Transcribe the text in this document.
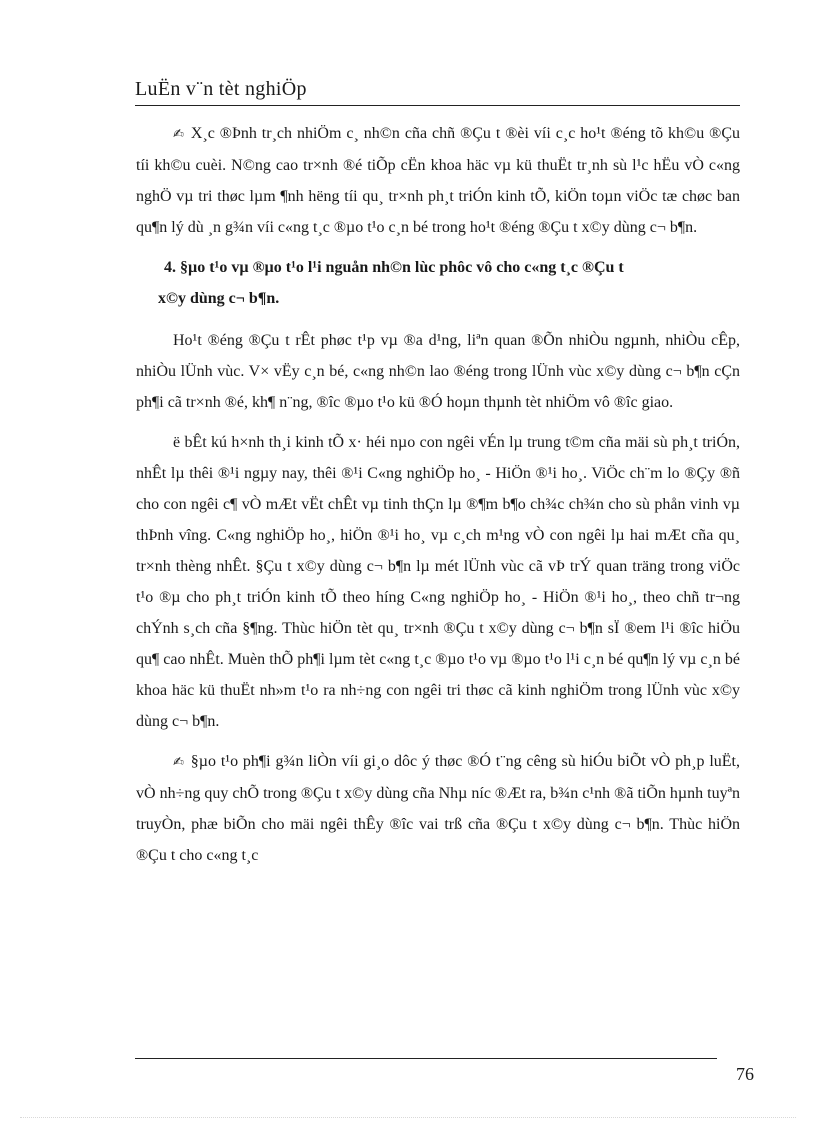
LuËn v¨n tèt nghiÖp

✍ X¸c ®Þnh tr¸ch nhiÖm c¸ nh©n cña chñ ®Çu t ®èi víi c¸c ho¹t ®éng tõ kh©u ®Çu tíi kh©u cuèi. N©ng cao tr×nh ®é tiÕp cËn khoa häc vµ kü thuËt tr¸nh sù l¹c hËu vÒ c«ng nghÖ vµ tri thøc lµm ¶nh hëng tíi qu¸ tr×nh ph¸t triÓn kinh tÕ, kiÖn toµn viÖc tæ chøc ban qu¶n lý dù ¸n g¾n víi c«ng t¸c ®µo t¹o c¸n bé trong ho¹t ®éng ®Çu t x©y dùng c¬ b¶n.

4. §µo t¹o vµ ®µo t¹o l¹i nguån nh©n lùc phôc vô cho c«ng t¸c ®Çu t
x©y dùng c¬ b¶n.

Ho¹t ®éng ®Çu t rÊt phøc t¹p vµ ®a d¹ng, liªn quan ®Õn nhiÒu ngµnh, nhiÒu cÊp, nhiÒu lÜnh vùc. V× vËy c¸n bé, c«ng nh©n lao ®éng trong lÜnh vùc x©y dùng c¬ b¶n cÇn ph¶i cã tr×nh ®é, kh¶ n¨ng, ®îc ®µo t¹o kü ®Ó hoµn thµnh tèt nhiÖm vô ®îc giao.

ë bÊt kú h×nh th¸i kinh tÕ x· héi nµo con ngêi vÉn lµ trung t©m cña mäi sù ph¸t triÓn, nhÊt lµ thêi ®¹i ngµy nay, thêi ®¹i C«ng nghiÖp ho¸ - HiÖn ®¹i ho¸. ViÖc ch¨m lo ®Çy ®ñ cho con ngêi c¶ vÒ mÆt vËt chÊt vµ tinh thÇn lµ ®¶m b¶o ch¾c ch¾n cho sù phån vinh vµ thÞnh vîng. C«ng nghiÖp ho¸, hiÖn ®¹i ho¸ vµ c¸ch m¹ng vÒ con ngêi lµ hai mÆt cña qu¸ tr×nh thèng nhÊt. §Çu t x©y dùng c¬ b¶n lµ mét lÜnh vùc cã vÞ trÝ quan träng trong viÖc t¹o ®µ cho ph¸t triÓn kinh tÕ theo híng C«ng nghiÖp ho¸ - HiÖn ®¹i ho¸, theo chñ tr¬ng chÝnh s¸ch cña §¶ng. Thùc hiÖn tèt qu¸ tr×nh ®Çu t x©y dùng c¬ b¶n sÏ ®em l¹i ®îc hiÖu qu¶ cao nhÊt. Muèn thÕ ph¶i lµm tèt c«ng t¸c ®µo t¹o vµ ®µo t¹o l¹i c¸n bé qu¶n lý vµ c¸n bé khoa häc kü thuËt nh»m t¹o ra nh÷ng con ngêi tri thøc cã kinh nghiÖm trong lÜnh vùc x©y dùng c¬ b¶n.

✍ §µo t¹o ph¶i g¾n liÒn víi gi¸o dôc ý thøc ®Ó t¨ng cêng sù hiÓu biÕt vÒ ph¸p luËt, vÒ nh÷ng quy chÕ trong ®Çu t x©y dùng cña Nhµ níc ®Æt ra, b¾n c¹nh ®ã tiÕn hµnh tuyªn truyÒn, phæ biÕn cho mäi ngêi thÊy ®îc vai trß cña ®Çu t x©y dùng c¬ b¶n. Thùc hiÖn ®Çu t cho c«ng t¸c

76
